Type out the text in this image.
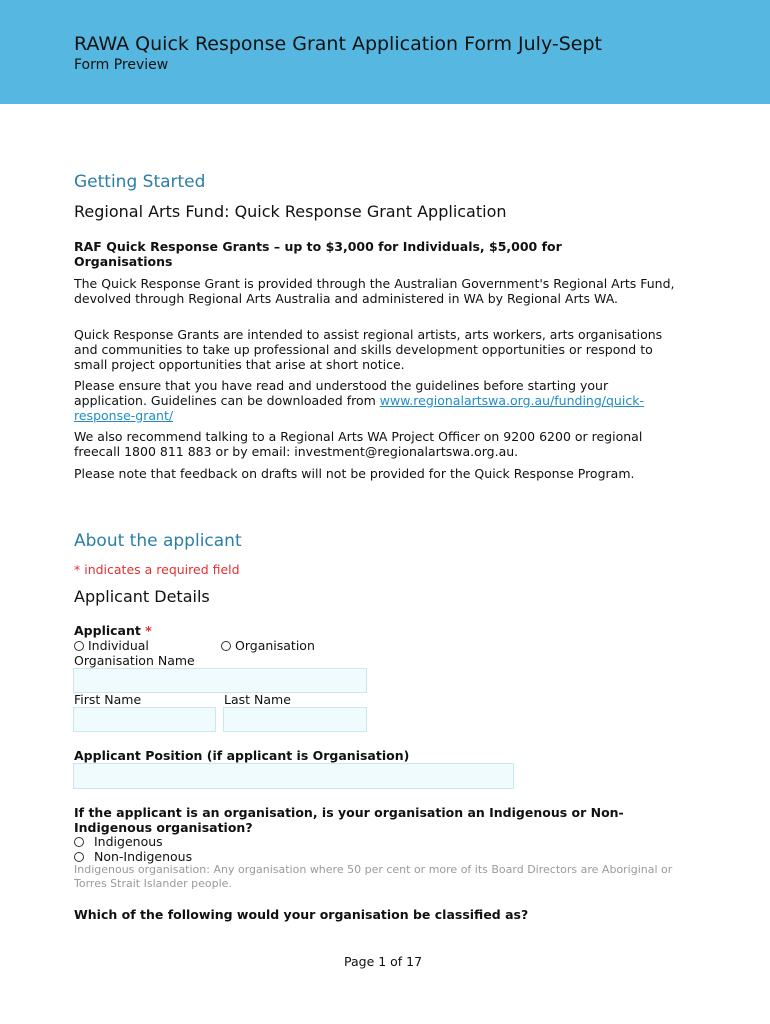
RAWA Quick Response Grant Application Form July-Sept
Form Preview
Getting Started
Regional Arts Fund: Quick Response Grant Application
RAF Quick Response Grants – up to $3,000 for Individuals, $5,000 for
Organisations
The Quick Response Grant is provided through the Australian Government's Regional Arts Fund, devolved through Regional Arts Australia and administered in WA by Regional Arts WA.
Quick Response Grants are intended to assist regional artists, arts workers, arts organisations and communities to take up professional and skills development opportunities or respond to small project opportunities that arise at short notice.
Please ensure that you have read and understood the guidelines before starting your application. Guidelines can be downloaded from www.regionalartswa.org.au/funding/quick-response-grant/
We also recommend talking to a Regional Arts WA Project Officer on 9200 6200 or regional freecall 1800 811 883 or by email: investment@regionalartswa.org.au.
Please note that feedback on drafts will not be provided for the Quick Response Program.
About the applicant
* indicates a required field
Applicant Details
Applicant *
Individual	Organisation
Organisation Name
First Name	Last Name
Applicant Position (if applicant is Organisation)
If the applicant is an organisation, is your organisation an Indigenous or Non-
Indigenous organisation?
Indigenous
Non-Indigenous
Indigenous organisation: Any organisation where 50 per cent or more of its Board Directors are Aboriginal or Torres Strait Islander people.
Which of the following would your organisation be classified as?
Page 1 of 17
